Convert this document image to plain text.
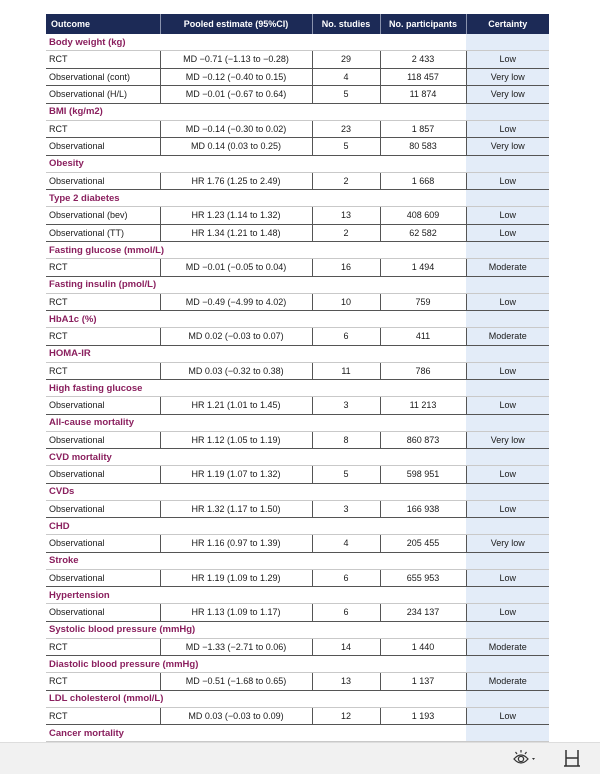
Outcome	Pooled estimate (95%CI)	No. studies	No. participants	Certainty
Body weight (kg)				
RCT	MD −0.71 (−1.13 to −0.28)	29	2 433	Low
Observational (cont)	MD −0.12 (−0.40 to 0.15)	4	118 457	Very low
Observational (H/L)	MD −0.01 (−0.67 to 0.64)	5	11 874	Very low
BMI (kg/m2)				
RCT	MD −0.14 (−0.30 to 0.02)	23	1 857	Low
Observational	MD 0.14 (0.03 to 0.25)	5	80 583	Very low
Obesity				
Observational	HR 1.76 (1.25 to 2.49)	2	1 668	Low
Type 2 diabetes				
Observational (bev)	HR 1.23 (1.14 to 1.32)	13	408 609	Low
Observational (TT)	HR 1.34 (1.21 to 1.48)	2	62 582	Low
Fasting glucose (mmol/L)				
RCT	MD −0.01 (−0.05 to 0.04)	16	1 494	Moderate
Fasting insulin (pmol/L)				
RCT	MD −0.49 (−4.99 to 4.02)	10	759	Low
HbA1c (%)				
RCT	MD 0.02 (−0.03 to 0.07)	6	411	Moderate
HOMA-IR				
RCT	MD 0.03 (−0.32 to 0.38)	11	786	Low
High fasting glucose				
Observational	HR 1.21 (1.01 to 1.45)	3	11 213	Low
All-cause mortality				
Observational	HR 1.12 (1.05 to 1.19)	8	860 873	Very low
CVD mortality				
Observational	HR 1.19 (1.07 to 1.32)	5	598 951	Low
CVDs				
Observational	HR 1.32 (1.17 to 1.50)	3	166 938	Low
CHD				
Observational	HR 1.16 (0.97 to 1.39)	4	205 455	Very low
Stroke				
Observational	HR 1.19 (1.09 to 1.29)	6	655 953	Low
Hypertension				
Observational	HR 1.13 (1.09 to 1.17)	6	234 137	Low
Systolic blood pressure (mmHg)				
RCT	MD −1.33 (−2.71 to 0.06)	14	1 440	Moderate
Diastolic blood pressure (mmHg)				
RCT	MD −0.51 (−1.68 to 0.65)	13	1 137	Moderate
LDL cholesterol (mmol/L)				
RCT	MD 0.03 (−0.03 to 0.09)	12	1 193	Low
Cancer mortality				
